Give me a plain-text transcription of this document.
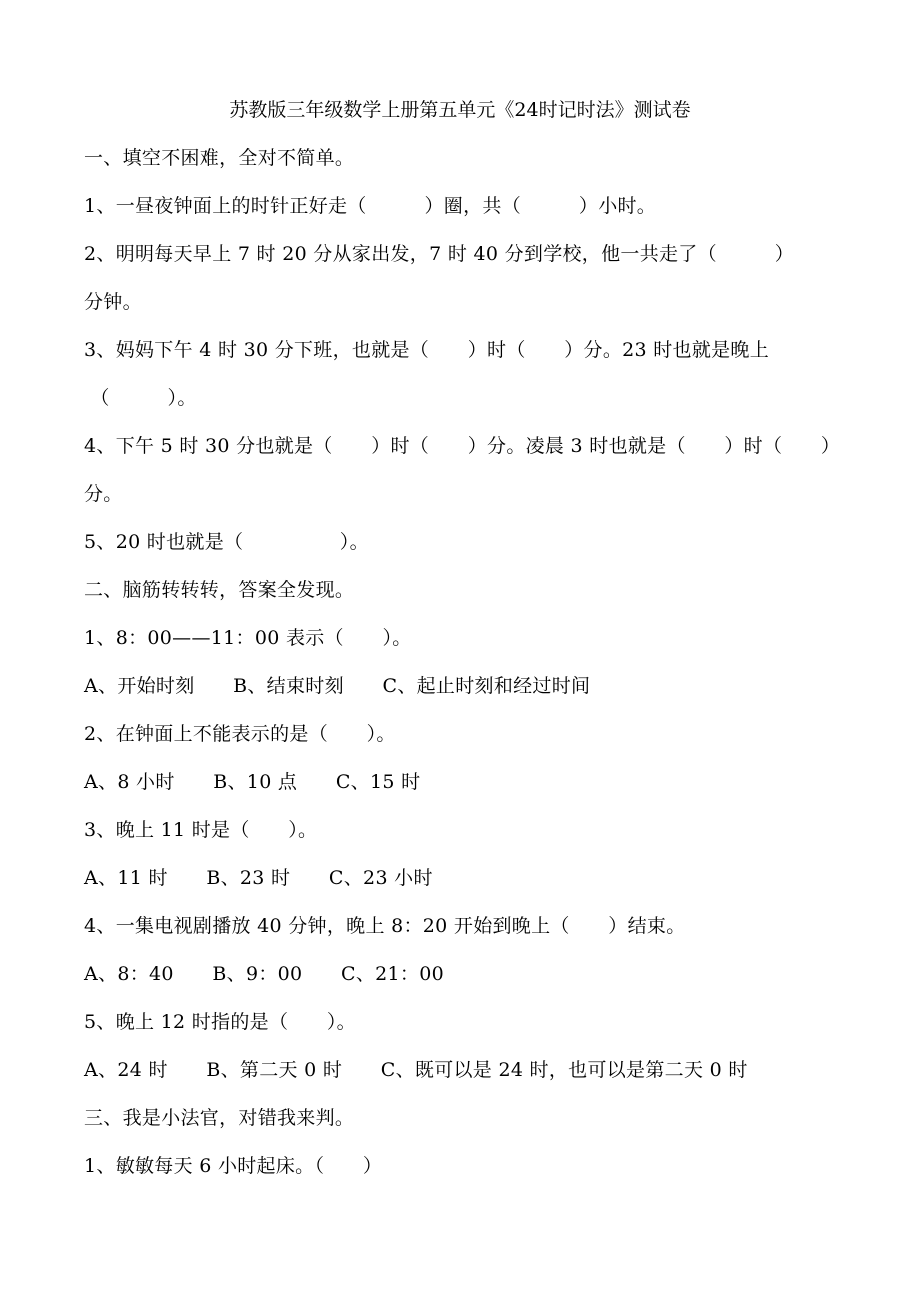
苏教版三年级数学上册第五单元《24时记时法》测试卷
一、填空不困难，全对不简单。
1、一昼夜钟面上的时针正好走（　　　）圈，共（　　　）小时。
2、明明每天早上 7 时 20 分从家出发，7 时 40 分到学校，他一共走了（　　　）
分钟。
3、妈妈下午 4 时 30 分下班，也就是（　　）时（　　）分。23 时也就是晚上
（　　　）。
4、下午 5 时 30 分也就是（　　）时（　　）分。凌晨 3 时也就是（　　）时（　　）
分。
5、20 时也就是（　　　　　）。
二、脑筋转转转，答案全发现。
1、8：00——11：00 表示（　　）。
A、开始时刻　　B、结束时刻　　C、起止时刻和经过时间
2、在钟面上不能表示的是（　　）。
A、8 小时　　B、10 点　　C、15 时
3、晚上 11 时是（　　）。
A、11 时　　B、23 时　　C、23 小时
4、一集电视剧播放 40 分钟，晚上 8：20 开始到晚上（　　）结束。
A、8：40　　B、9：00　　C、21：00
5、晚上 12 时指的是（　　）。
A、24 时　　B、第二天 0 时　　C、既可以是 24 时，也可以是第二天 0 时
三、我是小法官，对错我来判。
1、敏敏每天 6 小时起床。（　　）
